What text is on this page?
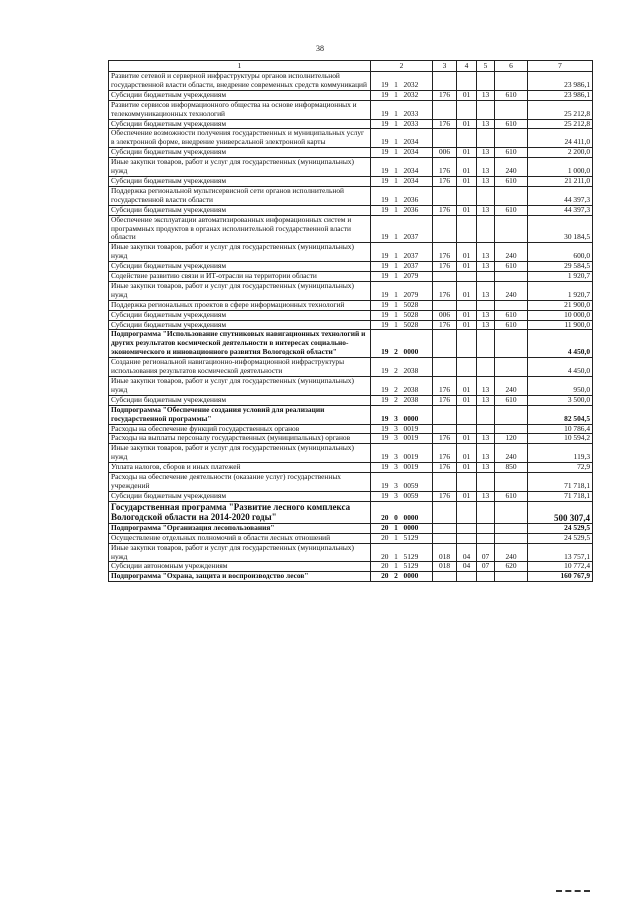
38
1	2			3	4	5	6	7
Развитие сетевой и серверной инфраструктуры органов исполнительной государственной власти области, внедрение современных средств коммуникаций	19	1	2032					23 986,1
Субсидии бюджетным учреждениям	19	1	2032	176	01	13	610	23 986,1
Развитие сервисов информационного общества на основе информационных и телекоммуникационных технологий	19	1	2033					25 212,8
Субсидии бюджетным учреждениям	19	1	2033	176	01	13	610	25 212,8
Обеспечение возможности получения государственных и муниципальных услуг в электронной форме, внедрение универсальной электронной карты	19	1	2034					24 411,0
Субсидии бюджетным учреждениям	19	1	2034	006	01	13	610	2 200,0
Иные закупки товаров, работ и услуг для государственных (муниципальных) нужд	19	1	2034	176	01	13	240	1 000,0
Субсидии бюджетным учреждениям	19	1	2034	176	01	13	610	21 211,0
Поддержка региональной мультисервисной сети органов исполнительной государственной власти области	19	1	2036					44 397,3
Субсидии бюджетным учреждениям	19	1	2036	176	01	13	610	44 397,3
Обеспечение эксплуатации автоматизированных информационных систем и программных продуктов в органах исполнительной государственной власти области	19	1	2037					30 184,5
Иные закупки товаров, работ и услуг для государственных (муниципальных) нужд	19	1	2037	176	01	13	240	600,0
Субсидии бюджетным учреждениям	19	1	2037	176	01	13	610	29 584,5
Содействие развитию связи и ИТ-отрасли на территории области	19	1	2079					1 920,7
Иные закупки товаров, работ и услуг для государственных (муниципальных) нужд	19	1	2079	176	01	13	240	1 920,7
Поддержка региональных проектов в сфере информационных технологий	19	1	5028					21 900,0
Субсидии бюджетным учреждениям	19	1	5028	006	01	13	610	10 000,0
Субсидии бюджетным учреждениям	19	1	5028	176	01	13	610	11 900,0
Подпрограмма "Использование спутниковых навигационных технологий и других результатов космической деятельности в интересах социально-экономического и инновационного развития Вологодской области"	19	2	0000					4 450,0
Создание региональной навигационно-информационной инфраструктуры использования результатов космической деятельности	19	2	2038					4 450,0
Иные закупки товаров, работ и услуг для государственных (муниципальных) нужд	19	2	2038	176	01	13	240	950,0
Субсидии бюджетным учреждениям	19	2	2038	176	01	13	610	3 500,0
Подпрограмма "Обеспечение создания условий для реализации государственной программы"	19	3	0000					82 504,5
Расходы на обеспечение функций государственных органов	19	3	0019					10 786,4
Расходы на выплаты персоналу государственных (муниципальных) органов	19	3	0019	176	01	13	120	10 594,2
Иные закупки товаров, работ и услуг для государственных (муниципальных) нужд	19	3	0019	176	01	13	240	119,3
Уплата налогов, сборов и иных платежей	19	3	0019	176	01	13	850	72,9
Расходы на обеспечение деятельности (оказание услуг) государственных учреждений	19	3	0059					71 718,1
Субсидии бюджетным учреждениям	19	3	0059	176	01	13	610	71 718,1
Государственная программа "Развитие лесного комплекса Вологодской области на 2014-2020 годы"	20	0	0000					500 307,4
Подпрограмма "Организация лесопользования"	20	1	0000					24 529,5
Осуществление отдельных полномочий в области лесных отношений	20	1	5129					24 529,5
Иные закупки товаров, работ и услуг для государственных (муниципальных) нужд	20	1	5129	018	04	07	240	13 757,1
Субсидии автономным учреждениям	20	1	5129	018	04	07	620	10 772,4
Подпрограмма "Охрана, защита и воспроизводство лесов"	20	2	0000					160 767,9
